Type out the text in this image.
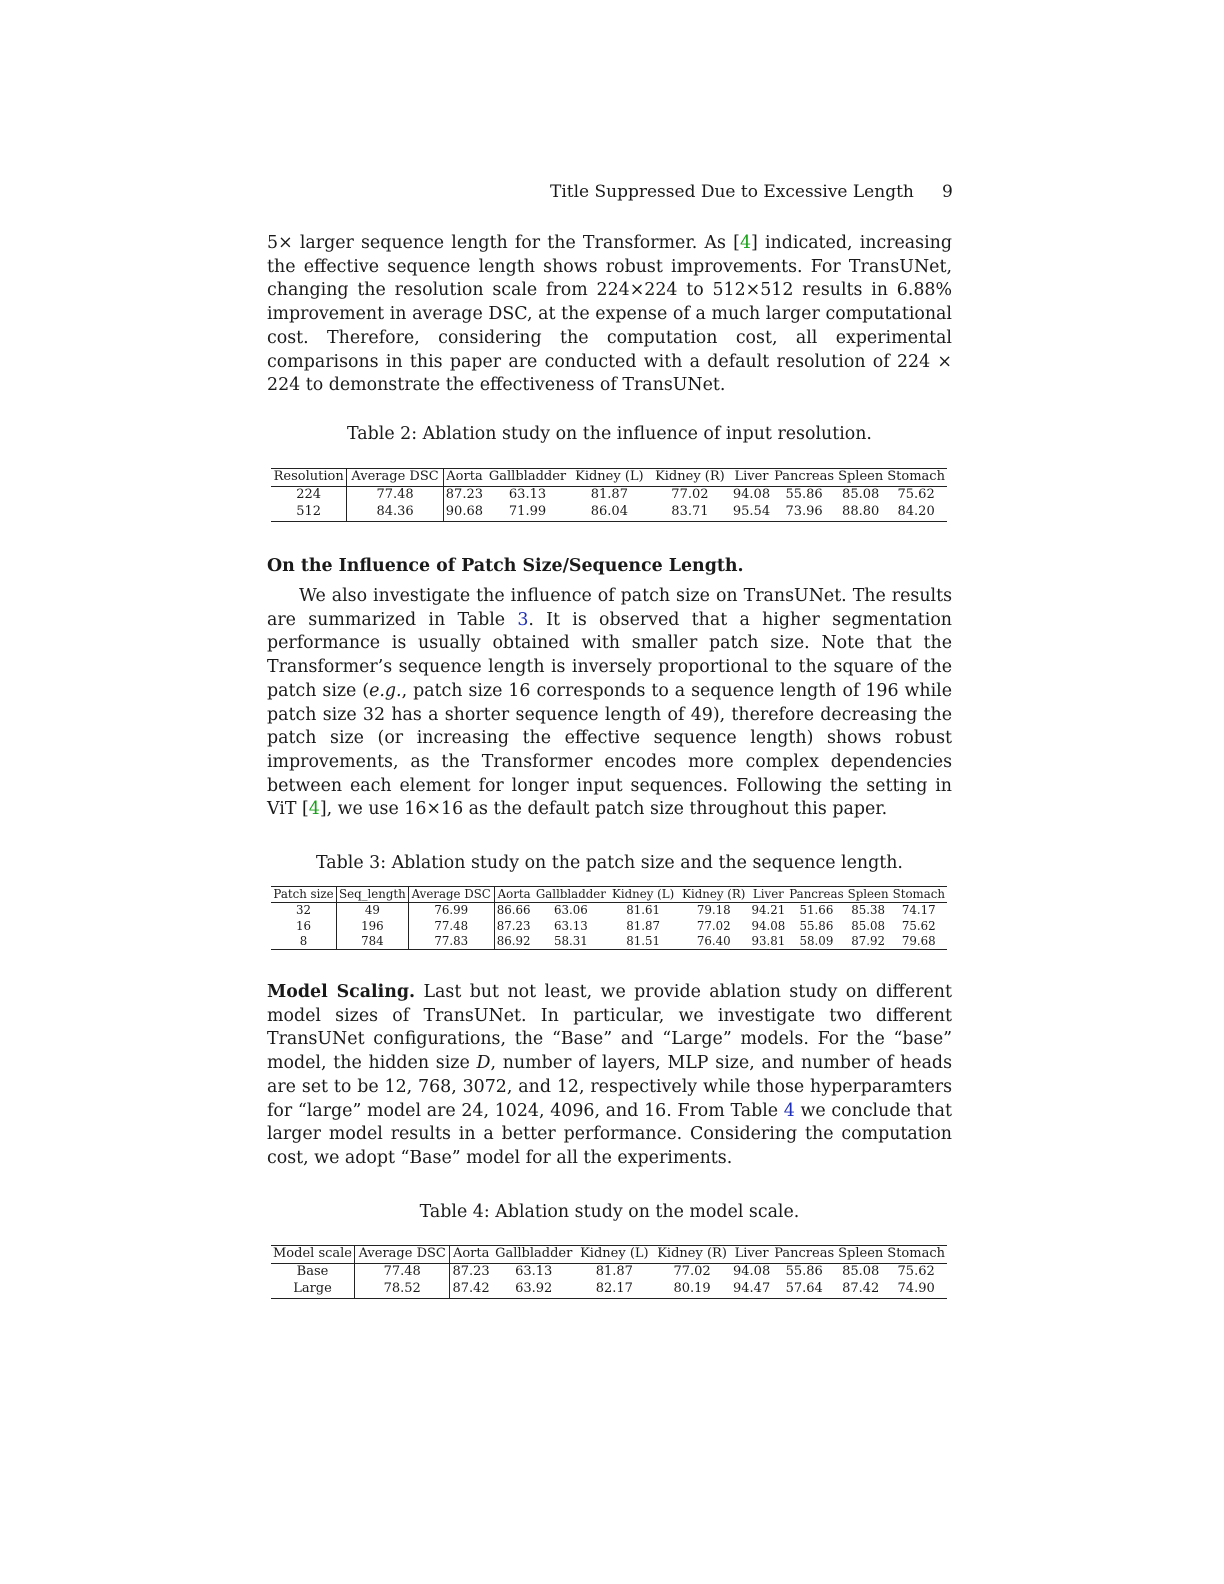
Title Suppressed Due to Excessive Length 9

5× larger sequence length for the Transformer. As [4] indicated, increasing the effective sequence length shows robust improvements. For TransUNet, changing the resolution scale from 224×224 to 512×512 results in 6.88% improvement in average DSC, at the expense of a much larger computational cost. Therefore, considering the computation cost, all experimental comparisons in this paper are conducted with a default resolution of 224 × 224 to demonstrate the effectiveness of TransUNet.

Table 2: Ablation study on the influence of input resolution.

Resolution	Average DSC	Aorta	Gallbladder	Kidney (L)	Kidney (R)	Liver	Pancreas	Spleen	Stomach
224	77.48	87.23	63.13	81.87	77.02	94.08	55.86	85.08	75.62
512	84.36	90.68	71.99	86.04	83.71	95.54	73.96	88.80	84.20

On the Influence of Patch Size/Sequence Length.

We also investigate the influence of patch size on TransUNet. The results are summarized in Table 3. It is observed that a higher segmentation performance is usually obtained with smaller patch size. Note that the Transformer’s sequence length is inversely proportional to the square of the patch size (e.g., patch size 16 corresponds to a sequence length of 196 while patch size 32 has a shorter sequence length of 49), therefore decreasing the patch size (or increasing the effective sequence length) shows robust improvements, as the Transformer encodes more complex dependencies between each element for longer input sequences. Following the setting in ViT [4], we use 16×16 as the default patch size throughout this paper.

Table 3: Ablation study on the patch size and the sequence length.

Patch size	Seq_length	Average DSC	Aorta	Gallbladder	Kidney (L)	Kidney (R)	Liver	Pancreas	Spleen	Stomach
32	49	76.99	86.66	63.06	81.61	79.18	94.21	51.66	85.38	74.17
16	196	77.48	87.23	63.13	81.87	77.02	94.08	55.86	85.08	75.62
8	784	77.83	86.92	58.31	81.51	76.40	93.81	58.09	87.92	79.68

Model Scaling. Last but not least, we provide ablation study on different model sizes of TransUNet. In particular, we investigate two different TransUNet configurations, the “Base” and “Large” models. For the “base” model, the hidden size D, number of layers, MLP size, and number of heads are set to be 12, 768, 3072, and 12, respectively while those hyperparamters for “large” model are 24, 1024, 4096, and 16. From Table 4 we conclude that larger model results in a better performance. Considering the computation cost, we adopt “Base” model for all the experiments.

Table 4: Ablation study on the model scale.

Model scale	Average DSC	Aorta	Gallbladder	Kidney (L)	Kidney (R)	Liver	Pancreas	Spleen	Stomach
Base	77.48	87.23	63.13	81.87	77.02	94.08	55.86	85.08	75.62
Large	78.52	87.42	63.92	82.17	80.19	94.47	57.64	87.42	74.90
